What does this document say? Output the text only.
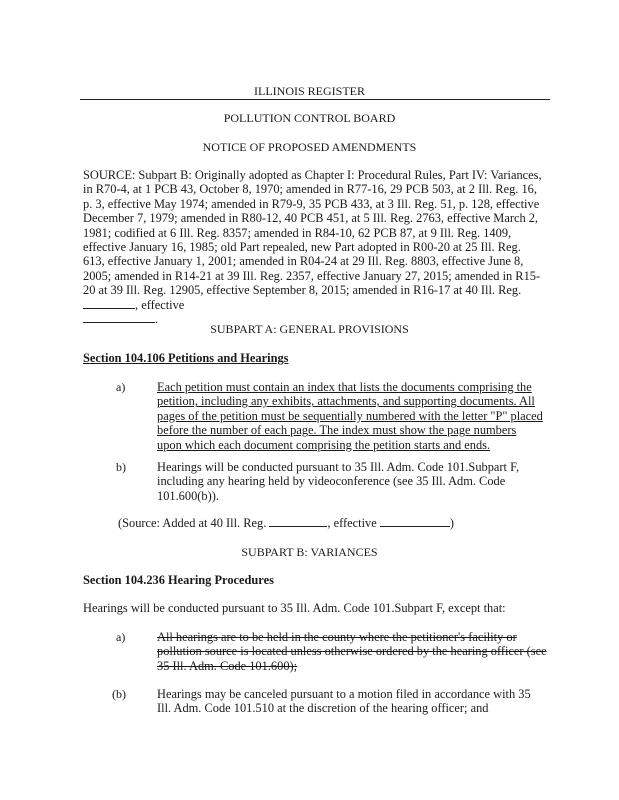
ILLINOIS REGISTER
POLLUTION CONTROL BOARD
NOTICE OF PROPOSED AMENDMENTS
SOURCE: Subpart B: Originally adopted as Chapter I: Procedural Rules, Part IV: Variances, in R70-4, at 1 PCB 43, October 8, 1970; amended in R77-16, 29 PCB 503, at 2 Ill. Reg. 16, p. 3, effective May 1974; amended in R79-9, 35 PCB 433, at 3 Ill. Reg. 51, p. 128, effective December 7, 1979; amended in R80-12, 40 PCB 451, at 5 Ill. Reg. 2763, effective March 2, 1981; codified at 6 Ill. Reg. 8357; amended in R84-10, 62 PCB 87, at 9 Ill. Reg. 1409, effective January 16, 1985; old Part repealed, new Part adopted in R00-20 at 25 Ill. Reg. 613, effective January 1, 2001; amended in R04-24 at 29 Ill. Reg. 8803, effective June 8, 2005; amended in R14-21 at 39 Ill. Reg. 2357, effective January 27, 2015; amended in R15-20 at 39 Ill. Reg. 12905, effective September 8, 2015; amended in R16-17 at 40 Ill. Reg. , effective
.
SUBPART A: GENERAL PROVISIONS
Section 104.106 Petitions and Hearings
a)	Each petition must contain an index that lists the documents comprising the petition, including any exhibits, attachments, and supporting documents. All pages of the petition must be sequentially numbered with the letter "P" placed before the number of each page. The index must show the page numbers upon which each document comprising the petition starts and ends.
b)	Hearings will be conducted pursuant to 35 Ill. Adm. Code 101.Subpart F, including any hearing held by videoconference (see 35 Ill. Adm. Code 101.600(b)).
(Source: Added at 40 Ill. Reg.	, effective	)
SUBPART B: VARIANCES
Section 104.236 Hearing Procedures
Hearings will be conducted pursuant to 35 Ill. Adm. Code 101.Subpart F, except that:
a)	All hearings are to be held in the county where the petitioner's facility or pollution source is located unless otherwise ordered by the hearing officer (see 35 Ill. Adm. Code 101.600);
(b)	Hearings may be canceled pursuant to a motion filed in accordance with 35 Ill. Adm. Code 101.510 at the discretion of the hearing officer; and
